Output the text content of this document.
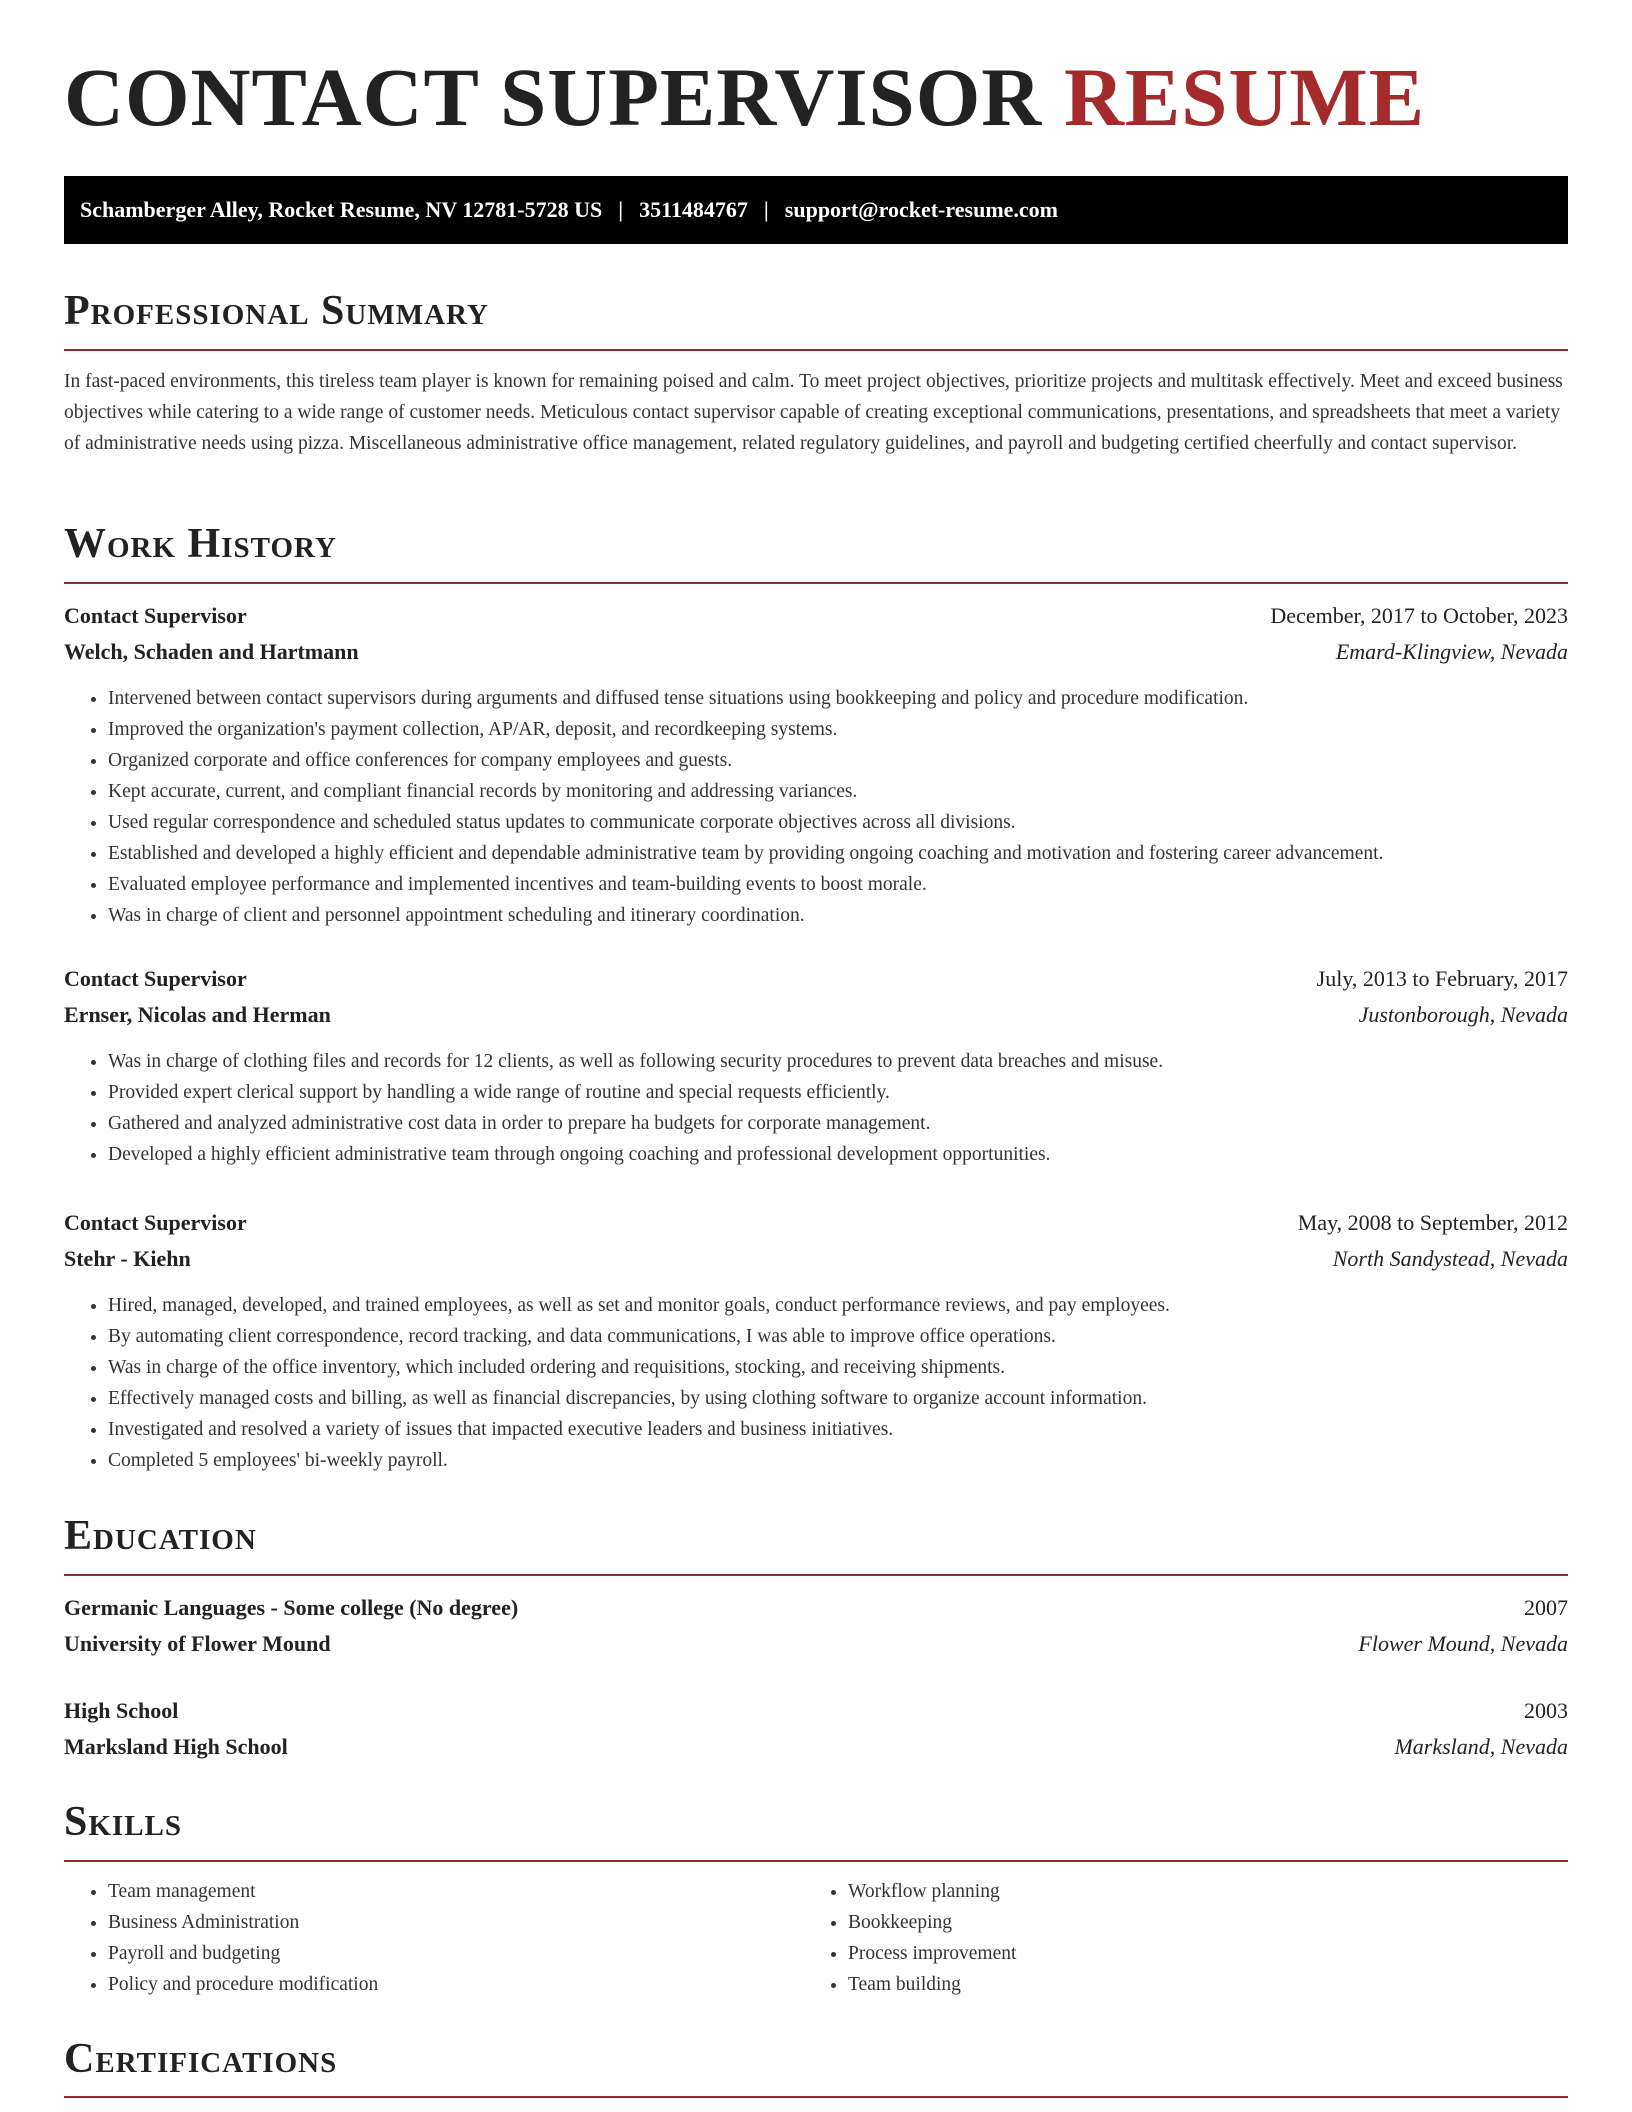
CONTACT SUPERVISOR RESUME
Schamberger Alley, Rocket Resume, NV 12781-5728 US | 3511484767 | support@rocket-resume.com
Professional Summary

In fast-paced environments, this tireless team player is known for remaining poised and calm. To meet project objectives, prioritize projects and multitask effectively. Meet and exceed business objectives while catering to a wide range of customer needs. Meticulous contact supervisor capable of creating exceptional communications, presentations, and spreadsheets that meet a variety of administrative needs using pizza. Miscellaneous administrative office management, related regulatory guidelines, and payroll and budgeting certified cheerfully and contact supervisor.

Work History
Contact Supervisor	December, 2017 to October, 2023
Welch, Schaden and Hartmann	Emard-Klingview, Nevada
• Intervened between contact supervisors during arguments and diffused tense situations using bookkeeping and policy and procedure modification.
• Improved the organization's payment collection, AP/AR, deposit, and recordkeeping systems.
• Organized corporate and office conferences for company employees and guests.
• Kept accurate, current, and compliant financial records by monitoring and addressing variances.
• Used regular correspondence and scheduled status updates to communicate corporate objectives across all divisions.
• Established and developed a highly efficient and dependable administrative team by providing ongoing coaching and motivation and fostering career advancement.
• Evaluated employee performance and implemented incentives and team-building events to boost morale.
• Was in charge of client and personnel appointment scheduling and itinerary coordination.
Contact Supervisor	July, 2013 to February, 2017
Ernser, Nicolas and Herman	Justonborough, Nevada
• Was in charge of clothing files and records for 12 clients, as well as following security procedures to prevent data breaches and misuse.
• Provided expert clerical support by handling a wide range of routine and special requests efficiently.
• Gathered and analyzed administrative cost data in order to prepare ha budgets for corporate management.
• Developed a highly efficient administrative team through ongoing coaching and professional development opportunities.
Contact Supervisor	May, 2008 to September, 2012
Stehr - Kiehn	North Sandystead, Nevada
• Hired, managed, developed, and trained employees, as well as set and monitor goals, conduct performance reviews, and pay employees.
• By automating client correspondence, record tracking, and data communications, I was able to improve office operations.
• Was in charge of the office inventory, which included ordering and requisitions, stocking, and receiving shipments.
• Effectively managed costs and billing, as well as financial discrepancies, by using clothing software to organize account information.
• Investigated and resolved a variety of issues that impacted executive leaders and business initiatives.
• Completed 5 employees' bi-weekly payroll.
Education
Germanic Languages - Some college (No degree)	2007
University of Flower Mound	Flower Mound, Nevada
High School	2003
Marksland High School	Marksland, Nevada
Skills
• Team management
• Business Administration
• Payroll and budgeting
• Policy and procedure modification
• Workflow planning
• Bookkeeping
• Process improvement
• Team building
Certifications
